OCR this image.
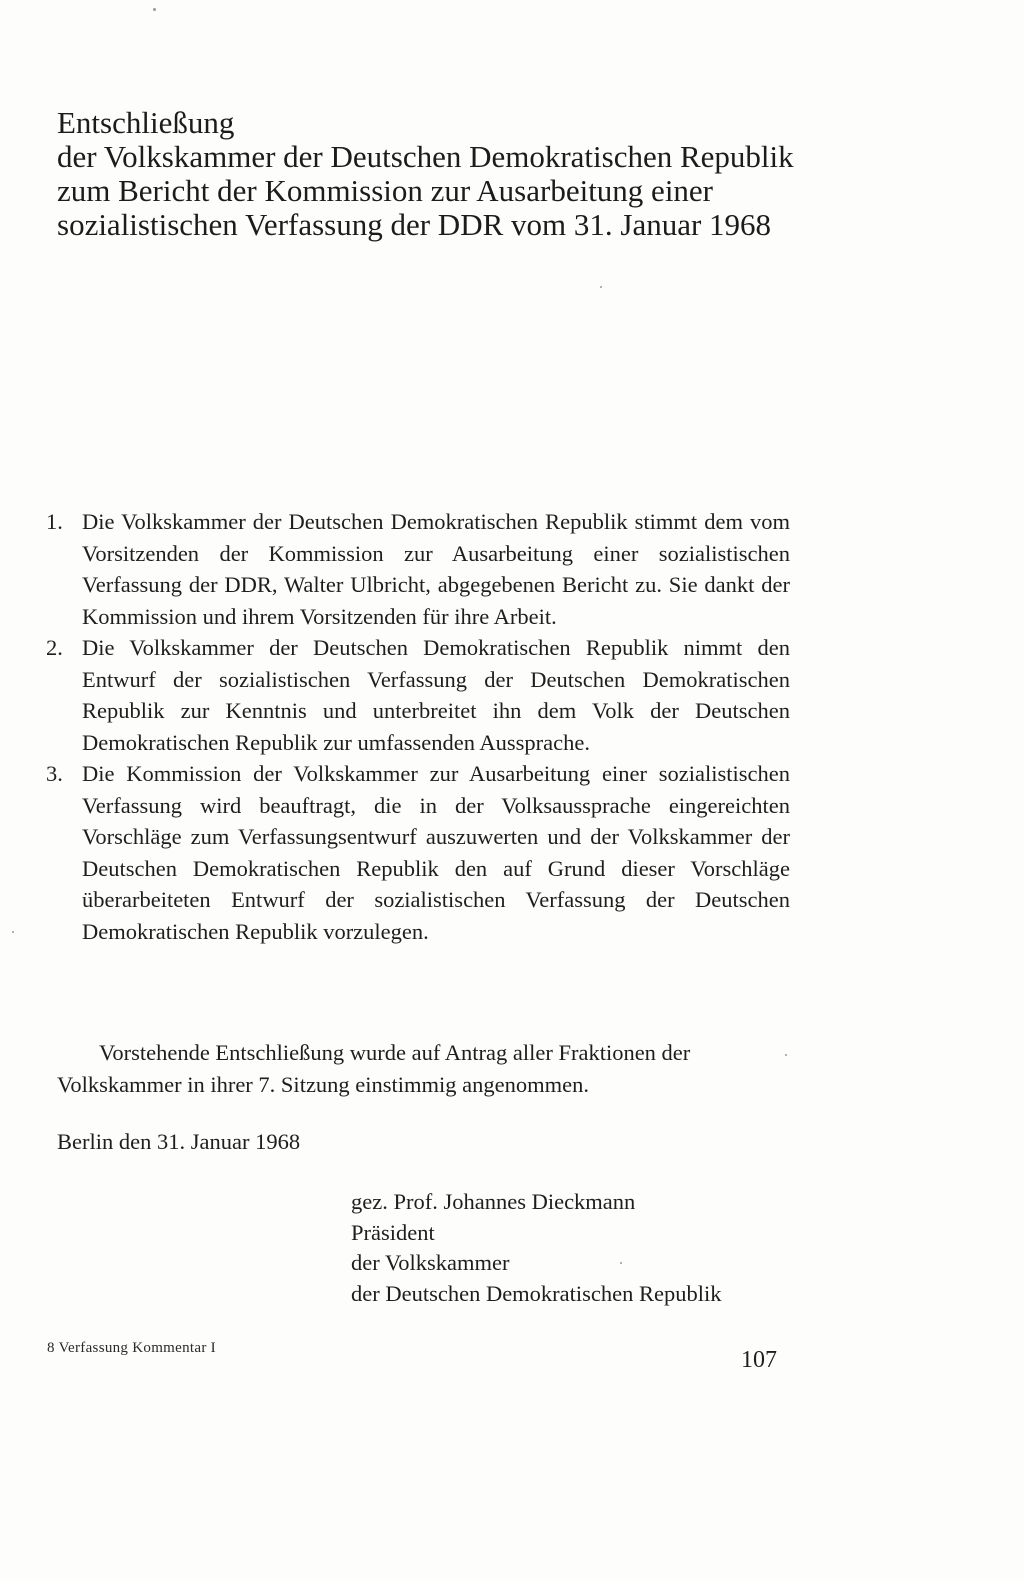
Entschließung
der Volkskammer der Deutschen Demokratischen Republik
zum Bericht der Kommission zur Ausarbeitung einer
sozialistischen Verfassung der DDR vom 31. Januar 1968
1. Die Volkskammer der Deutschen Demokratischen Republik stimmt dem vom Vorsitzenden der Kommission zur Ausarbeitung einer sozialistischen Verfassung der DDR, Walter Ulbricht, abgegebenen Bericht zu. Sie dankt der Kommission und ihrem Vorsitzenden für ihre Arbeit.
2. Die Volkskammer der Deutschen Demokratischen Republik nimmt den Entwurf der sozialistischen Verfassung der Deutschen Demokratischen Republik zur Kenntnis und unterbreitet ihn dem Volk der Deutschen Demokratischen Republik zur umfassenden Aussprache.
3. Die Kommission der Volkskammer zur Ausarbeitung einer sozialistischen Verfassung wird beauftragt, die in der Volksaussprache eingereichten Vorschläge zum Verfassungsentwurf auszuwerten und der Volkskammer der Deutschen Demokratischen Republik den auf Grund dieser Vorschläge überarbeiteten Entwurf der sozialistischen Verfassung der Deutschen Demokratischen Republik vorzulegen.

Vorstehende Entschließung wurde auf Antrag aller Fraktionen der Volkskammer in ihrer 7. Sitzung einstimmig angenommen.

Berlin den 31. Januar 1968

gez. Prof. Johannes Dieckmann
Präsident
der Volkskammer
der Deutschen Demokratischen Republik
8 Verfassung Kommentar I	107
